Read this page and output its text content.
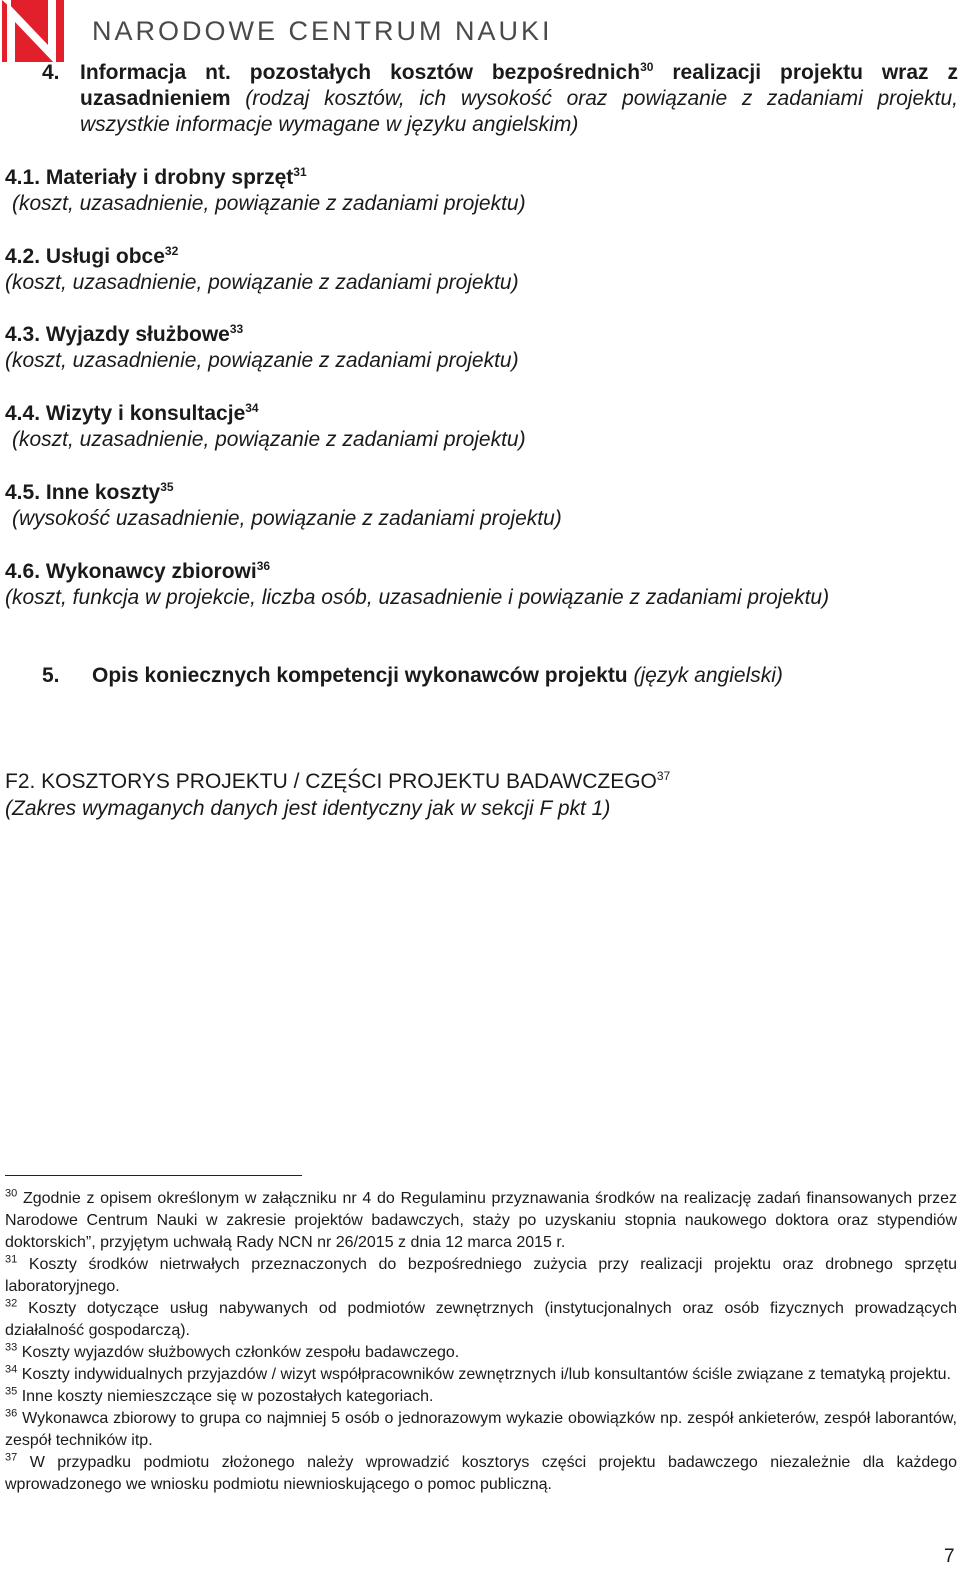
NARODOWE CENTRUM NAUKI
4. Informacja nt. pozostałych kosztów bezpośrednich$^{30}$ realizacji projektu wraz z uzasadnieniem (rodzaj kosztów, ich wysokość oraz powiązanie z zadaniami projektu, wszystkie informacje wymagane w języku angielskim)
4.1. Materiały i drobny sprzęt$^{31}$
(koszt, uzasadnienie, powiązanie z zadaniami projektu)
4.2. Usługi obce$^{32}$
(koszt, uzasadnienie, powiązanie z zadaniami projektu)
4.3. Wyjazdy służbowe$^{33}$
(koszt, uzasadnienie, powiązanie z zadaniami projektu)
4.4. Wizyty i konsultacje$^{34}$
(koszt, uzasadnienie, powiązanie z zadaniami projektu)
4.5. Inne koszty$^{35}$
(wysokość uzasadnienie, powiązanie z zadaniami projektu)
4.6. Wykonawcy zbiorowi$^{36}$
(koszt, funkcja w projekcie, liczba osób, uzasadnienie i powiązanie z zadaniami projektu)
5. Opis koniecznych kompetencji wykonawców projektu (język angielski)
F2. KOSZTORYS PROJEKTU / CZĘŚCI PROJEKTU BADAWCZEGO$^{37}$
(Zakres wymaganych danych jest identyczny jak w sekcji F pkt 1)

$^{30}$ Zgodnie z opisem określonym w załączniku nr 4 do Regulaminu przyznawania środków na realizację zadań finansowanych przez Narodowe Centrum Nauki w zakresie projektów badawczych, staży po uzyskaniu stopnia naukowego doktora oraz stypendiów doktorskich”, przyjętym uchwałą Rady NCN nr 26/2015 z dnia 12 marca 2015 r.

$^{31}$ Koszty środków nietrwałych przeznaczonych do bezpośredniego zużycia przy realizacji projektu oraz drobnego sprzętu laboratoryjnego.

$^{32}$ Koszty dotyczące usług nabywanych od podmiotów zewnętrznych (instytucjonalnych oraz osób fizycznych prowadzących działalność gospodarczą).

$^{33}$ Koszty wyjazdów służbowych członków zespołu badawczego.

$^{34}$ Koszty indywidualnych przyjazdów / wizyt współpracowników zewnętrznych i/lub konsultantów ściśle związane z tematyką projektu.

$^{35}$ Inne koszty niemieszczące się w pozostałych kategoriach.

$^{36}$ Wykonawca zbiorowy to grupa co najmniej 5 osób o jednorazowym wykazie obowiązków np. zespół ankieterów, zespół laborantów, zespół techników itp.

$^{37}$ W przypadku podmiotu złożonego należy wprowadzić kosztorys części projektu badawczego niezależnie dla każdego wprowadzonego we wniosku podmiotu niewnioskującego o pomoc publiczną.

7
